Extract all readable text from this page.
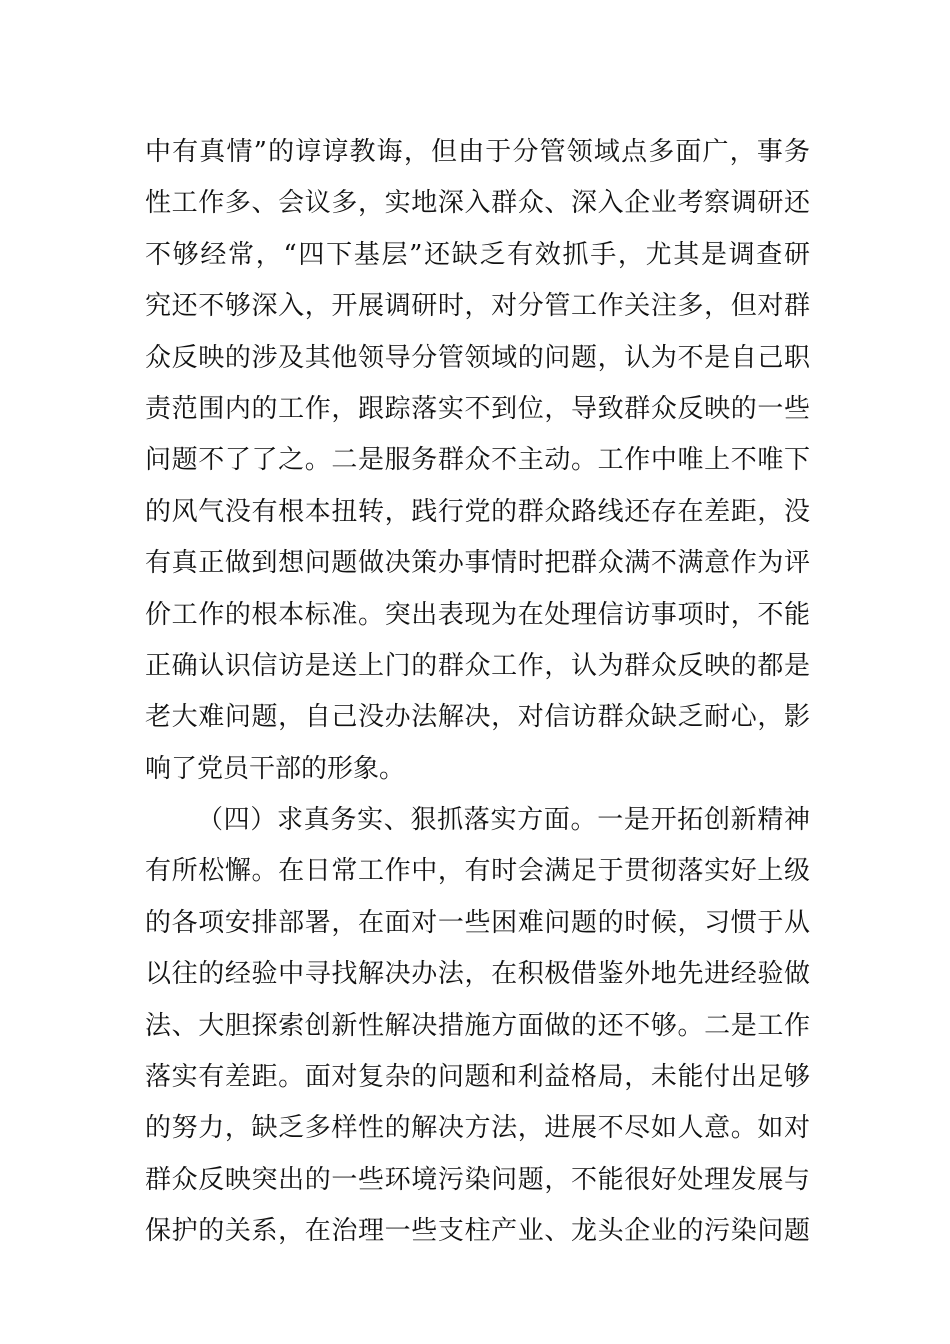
中有真情”的谆谆教诲，但由于分管领域点多面广，事务
性工作多、会议多，实地深入群众、深入企业考察调研还
不够经常，“四下基层”还缺乏有效抓手，尤其是调查研
究还不够深入，开展调研时，对分管工作关注多，但对群
众反映的涉及其他领导分管领域的问题，认为不是自己职
责范围内的工作，跟踪落实不到位，导致群众反映的一些
问题不了了之。二是服务群众不主动。工作中唯上不唯下
的风气没有根本扭转，践行党的群众路线还存在差距，没
有真正做到想问题做决策办事情时把群众满不满意作为评
价工作的根本标准。突出表现为在处理信访事项时，不能
正确认识信访是送上门的群众工作，认为群众反映的都是
老大难问题，自己没办法解决，对信访群众缺乏耐心，影
响了党员干部的形象。
（四）求真务实、狠抓落实方面。一是开拓创新精神
有所松懈。在日常工作中，有时会满足于贯彻落实好上级
的各项安排部署，在面对一些困难问题的时候，习惯于从
以往的经验中寻找解决办法，在积极借鉴外地先进经验做
法、大胆探索创新性解决措施方面做的还不够。二是工作
落实有差距。面对复杂的问题和利益格局，未能付出足够
的努力，缺乏多样性的解决方法，进展不尽如人意。如对
群众反映突出的一些环境污染问题，不能很好处理发展与
保护的关系，在治理一些支柱产业、龙头企业的污染问题
